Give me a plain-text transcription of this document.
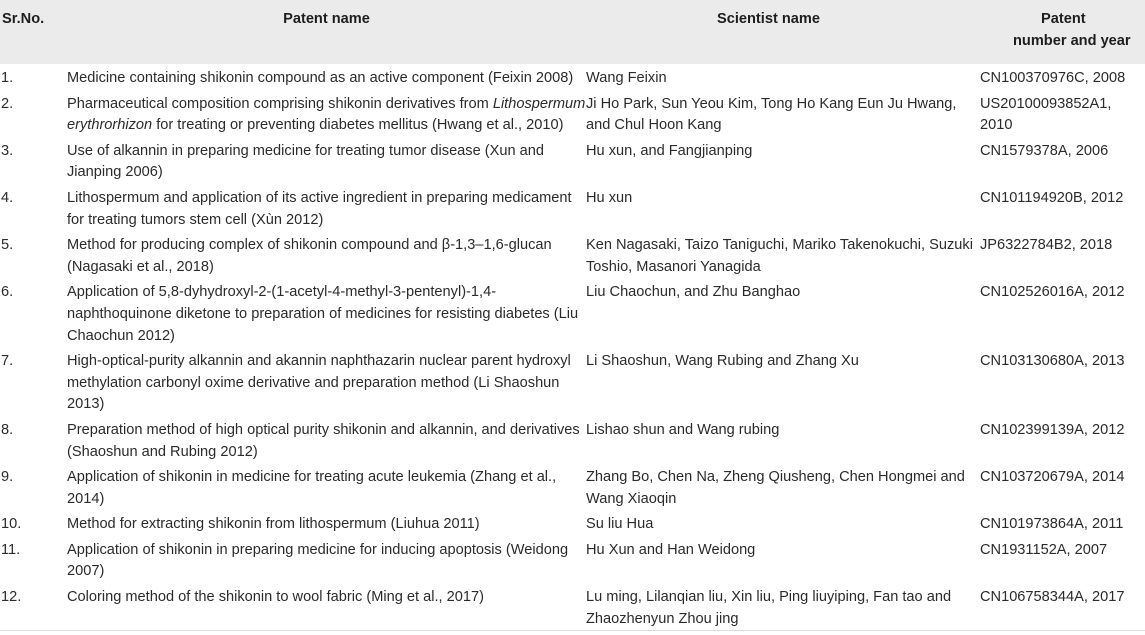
Sr.No.	Patent name	Scientist name	Patent
number and year

1.	Medicine containing shikonin compound as an active component (Feixin 2008)	Wang Feixin	CN100370976C, 2008
2.	Pharmaceutical composition comprising shikonin derivatives from Lithospermum erythrorhizon for treating or preventing diabetes mellitus (Hwang et al., 2010)	Ji Ho Park, Sun Yeou Kim, Tong Ho Kang Eun Ju Hwang, and Chul Hoon Kang	US20100093852A1, 2010
3.	Use of alkannin in preparing medicine for treating tumor disease (Xun and Jianping 2006)	Hu xun, and Fangjianping	CN1579378A, 2006
4.	Lithospermum and application of its active ingredient in preparing medicament for treating tumors stem cell (Xùn 2012)	Hu xun	CN101194920B, 2012
5.	Method for producing complex of shikonin compound and β-1,3–1,6-glucan (Nagasaki et al., 2018)	Ken Nagasaki, Taizo Taniguchi, Mariko Takenokuchi, Suzuki Toshio, Masanori Yanagida	JP6322784B2, 2018
6.	Application of 5,8-dyhydroxyl-2-(1-acetyl-4-methyl-3-pentenyl)-1,4-naphthoquinone diketone to preparation of medicines for resisting diabetes (Liu Chaochun 2012)	Liu Chaochun, and Zhu Banghao	CN102526016A, 2012
7.	High-optical-purity alkannin and akannin naphthazarin nuclear parent hydroxyl methylation carbonyl oxime derivative and preparation method (Li Shaoshun 2013)	Li Shaoshun, Wang Rubing and Zhang Xu	CN103130680A, 2013
8.	Preparation method of high optical purity shikonin and alkannin, and derivatives (Shaoshun and Rubing 2012)	Lishao shun and Wang rubing	CN102399139A, 2012
9.	Application of shikonin in medicine for treating acute leukemia (Zhang et al., 2014)	Zhang Bo, Chen Na, Zheng Qiusheng, Chen Hongmei and Wang Xiaoqin	CN103720679A, 2014
10.	Method for extracting shikonin from lithospermum (Liuhua 2011)	Su liu Hua	CN101973864A, 2011
11.	Application of shikonin in preparing medicine for inducing apoptosis (Weidong 2007)	Hu Xun and Han Weidong	CN1931152A, 2007
12.	Coloring method of the shikonin to wool fabric (Ming et al., 2017)	Lu ming, Lilanqian liu, Xin liu, Ping liuyiping, Fan tao and Zhaozhenyun Zhou jing	CN106758344A, 2017
